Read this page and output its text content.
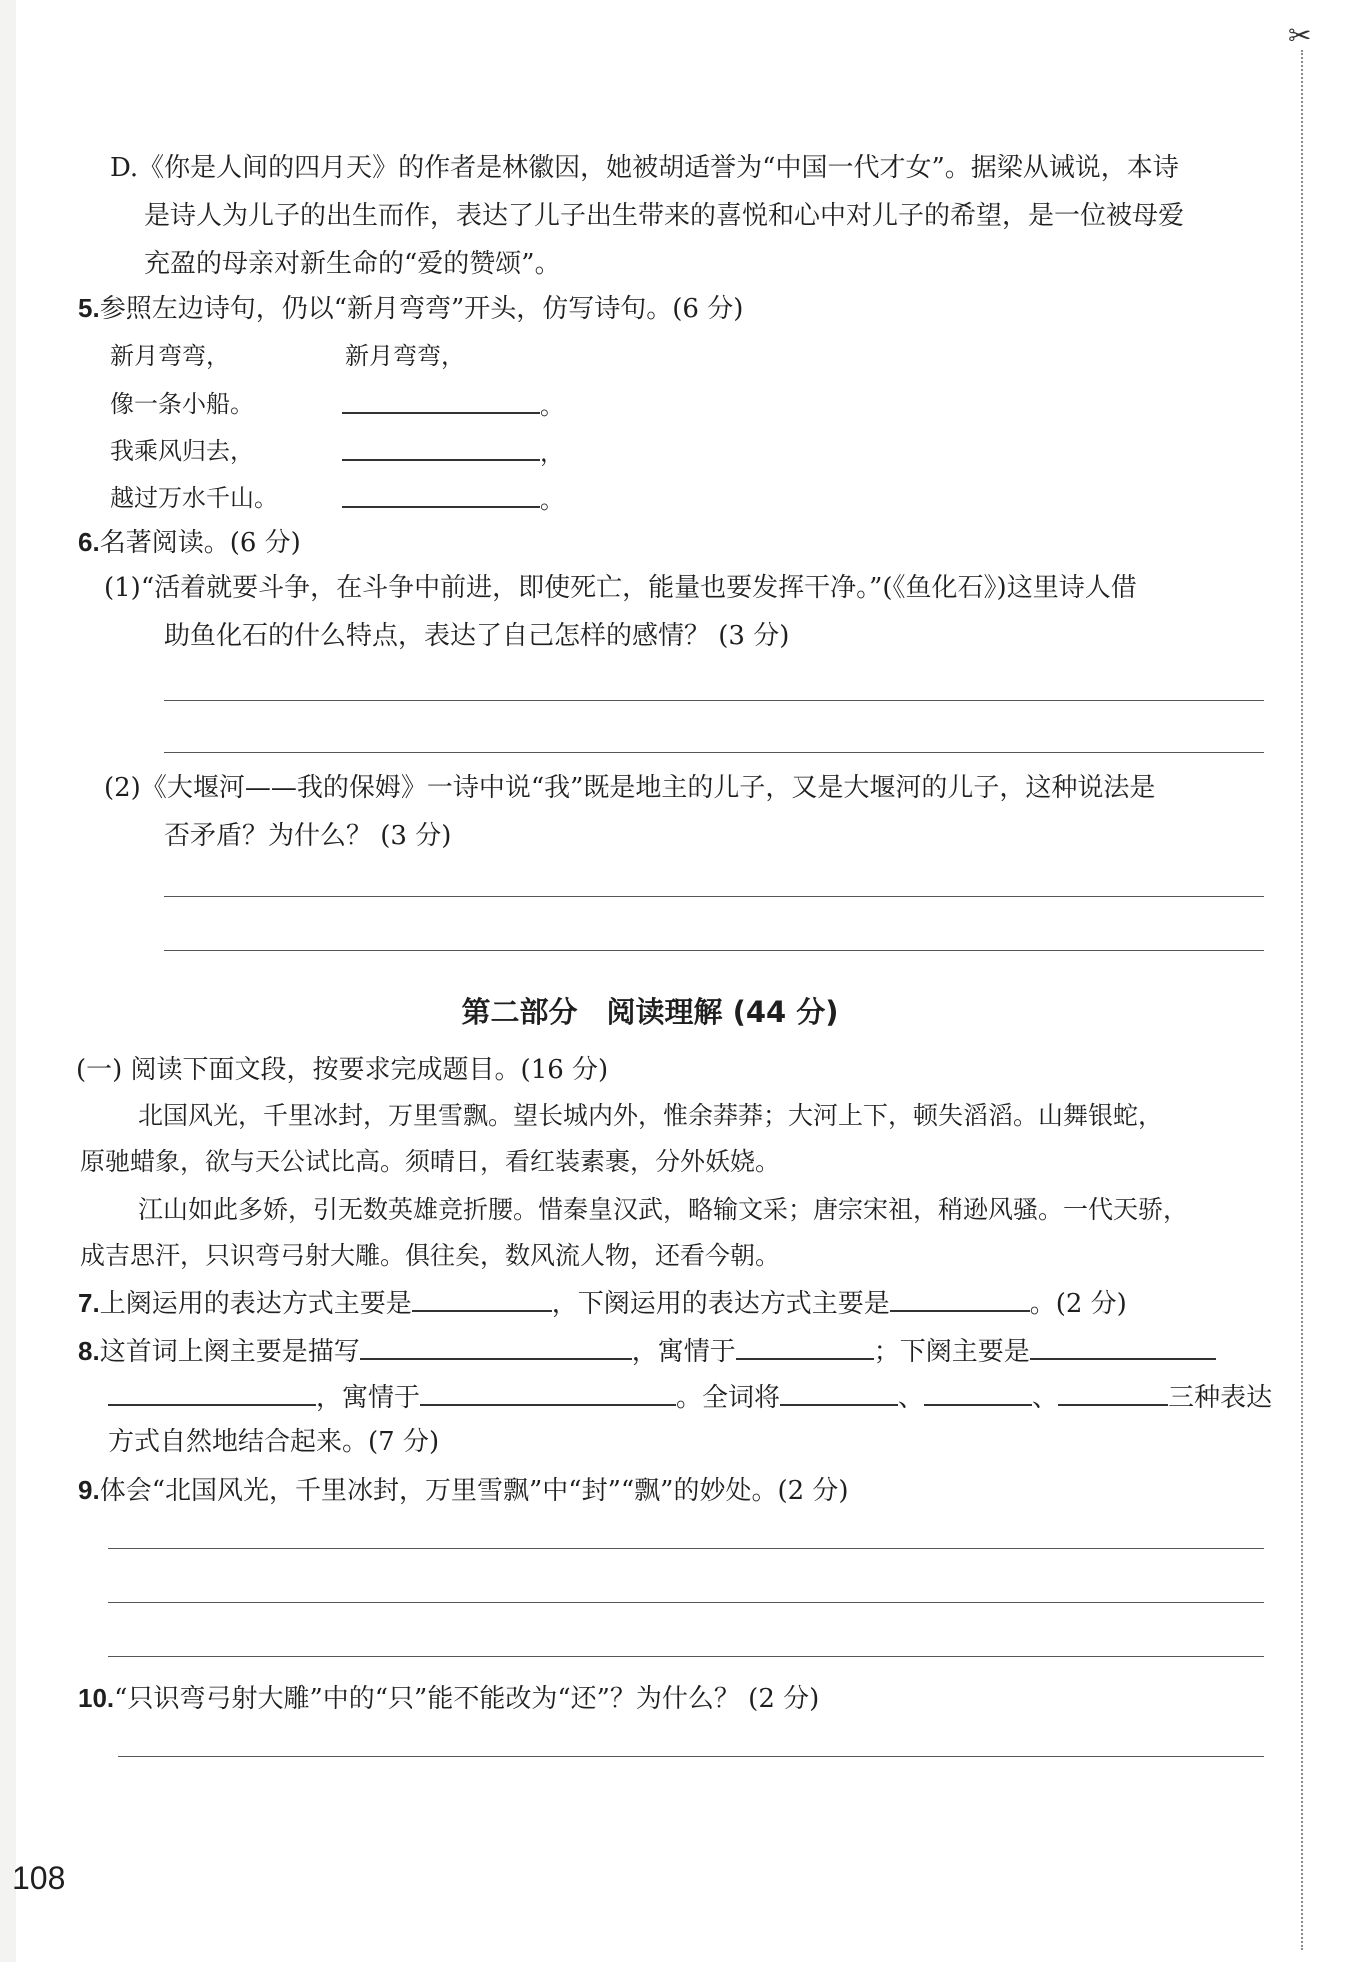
✂
D.《你是人间的四月天》的作者是林徽因，她被胡适誉为“中国一代才女”。据梁从诫说，本诗
是诗人为儿子的出生而作，表达了儿子出生带来的喜悦和心中对儿子的希望，是一位被母爱
充盈的母亲对新生命的“爱的赞颂”。
5.参照左边诗句，仍以“新月弯弯”开头，仿写诗句。(6 分)
新月弯弯，	新月弯弯，
像一条小船。	。
我乘风归去，	，
越过万水千山。	。
6.名著阅读。(6 分)
(1)“活着就要斗争，在斗争中前进，即使死亡，能量也要发挥干净。”(《鱼化石》)这里诗人借
助鱼化石的什么特点，表达了自己怎样的感情？ (3 分)
(2)《大堰河——我的保姆》一诗中说“我”既是地主的儿子，又是大堰河的儿子，这种说法是
否矛盾？为什么？ (3 分)
第二部分　阅读理解 (44 分)
(一) 阅读下面文段，按要求完成题目。(16 分)
北国风光，千里冰封，万里雪飘。望长城内外，惟余莽莽；大河上下，顿失滔滔。山舞银蛇，
原驰蜡象，欲与天公试比高。须晴日，看红装素裹，分外妖娆。
江山如此多娇，引无数英雄竞折腰。惜秦皇汉武，略输文采；唐宗宋祖，稍逊风骚。一代天骄，
成吉思汗，只识弯弓射大雕。俱往矣，数风流人物，还看今朝。
7.上阕运用的表达方式主要是	，下阕运用的表达方式主要是	。(2 分)
8.这首词上阕主要是描写	，寓情于	；下阕主要是
，寓情于	。全词将	、	、	三种表达
方式自然地结合起来。(7 分)
9.体会“北国风光，千里冰封，万里雪飘”中“封”“飘”的妙处。(2 分)
10.“只识弯弓射大雕”中的“只”能不能改为“还”？为什么？ (2 分)
108
